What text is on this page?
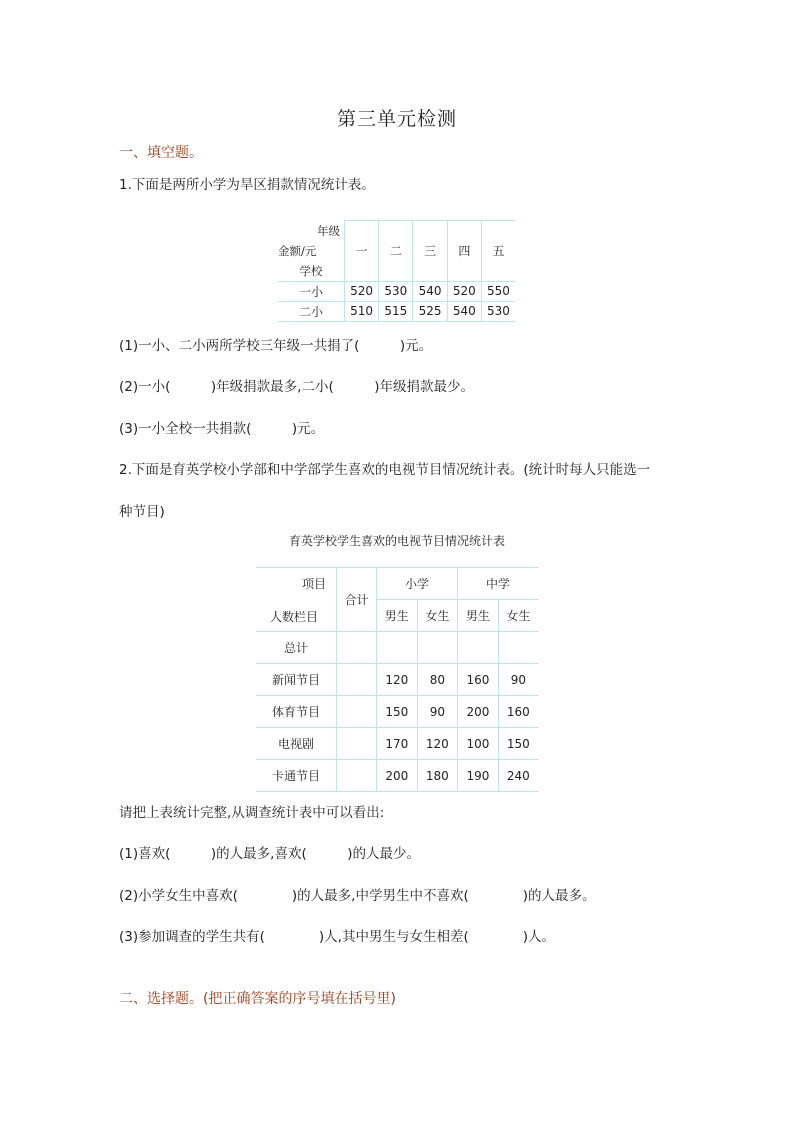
第三单元检测
一、填空题。
1.下面是两所小学为旱区捐款情况统计表。
年级
金额/元
学校	一	二	三	四	五
一小	520	530	540	520	550
二小	510	515	525	540	530
(1)一小、二小两所学校三年级一共捐了(　　　)元。
(2)一小(　　　)年级捐款最多,二小(　　　)年级捐款最少。
(3)一小全校一共捐款(　　　)元。
2.下面是育英学校小学部和中学部学生喜欢的电视节目情况统计表。(统计时每人只能选一
种节目)
育英学校学生喜欢的电视节目情况统计表
项目
人数栏目	合计	小学		中学	
		男生	女生	男生	女生
总计					
新闻节目		120	80	160	90
体育节目		150	90	200	160
电视剧		170	120	100	150
卡通节目		200	180	190	240
请把上表统计完整,从调查统计表中可以看出:
(1)喜欢(　　　)的人最多,喜欢(　　　)的人最少。
(2)小学女生中喜欢(　　　　)的人最多,中学男生中不喜欢(　　　　)的人最多。
(3)参加调查的学生共有(　　　　)人,其中男生与女生相差(　　　　)人。
二、选择题。(把正确答案的序号填在括号里)
